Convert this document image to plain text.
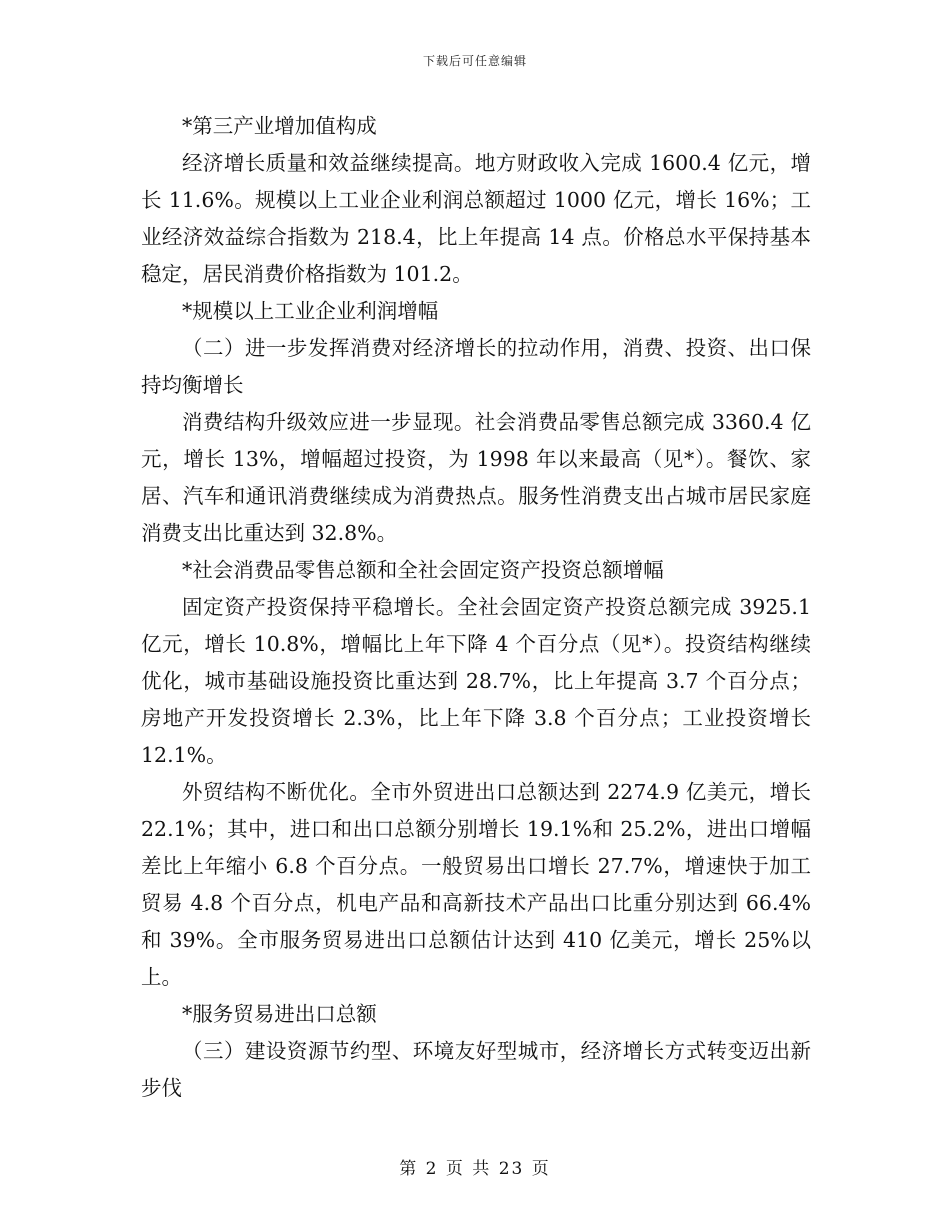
下载后可任意编辑

*第三产业增加值构成

经济增长质量和效益继续提高。地方财政收入完成 1600.4 亿元，增长 11.6%。规模以上工业企业利润总额超过 1000 亿元，增长 16%；工业经济效益综合指数为 218.4，比上年提高 14 点。价格总水平保持基本稳定，居民消费价格指数为 101.2。

*规模以上工业企业利润增幅

（二）进一步发挥消费对经济增长的拉动作用，消费、投资、出口保持均衡增长

消费结构升级效应进一步显现。社会消费品零售总额完成 3360.4 亿元，增长 13%，增幅超过投资，为 1998 年以来最高（见*）。餐饮、家居、汽车和通讯消费继续成为消费热点。服务性消费支出占城市居民家庭消费支出比重达到 32.8%。

*社会消费品零售总额和全社会固定资产投资总额增幅

固定资产投资保持平稳增长。全社会固定资产投资总额完成 3925.1 亿元，增长 10.8%，增幅比上年下降 4 个百分点（见*）。投资结构继续优化，城市基础设施投资比重达到 28.7%，比上年提高 3.7 个百分点；房地产开发投资增长 2.3%，比上年下降 3.8 个百分点；工业投资增长 12.1%。

外贸结构不断优化。全市外贸进出口总额达到 2274.9 亿美元，增长 22.1%；其中，进口和出口总额分别增长 19.1%和 25.2%，进出口增幅差比上年缩小 6.8 个百分点。一般贸易出口增长 27.7%，增速快于加工贸易 4.8 个百分点，机电产品和高新技术产品出口比重分别达到 66.4%和 39%。全市服务贸易进出口总额估计达到 410 亿美元，增长 25%以上。

*服务贸易进出口总额

（三）建设资源节约型、环境友好型城市，经济增长方式转变迈出新步伐

第 2 页 共 23 页
